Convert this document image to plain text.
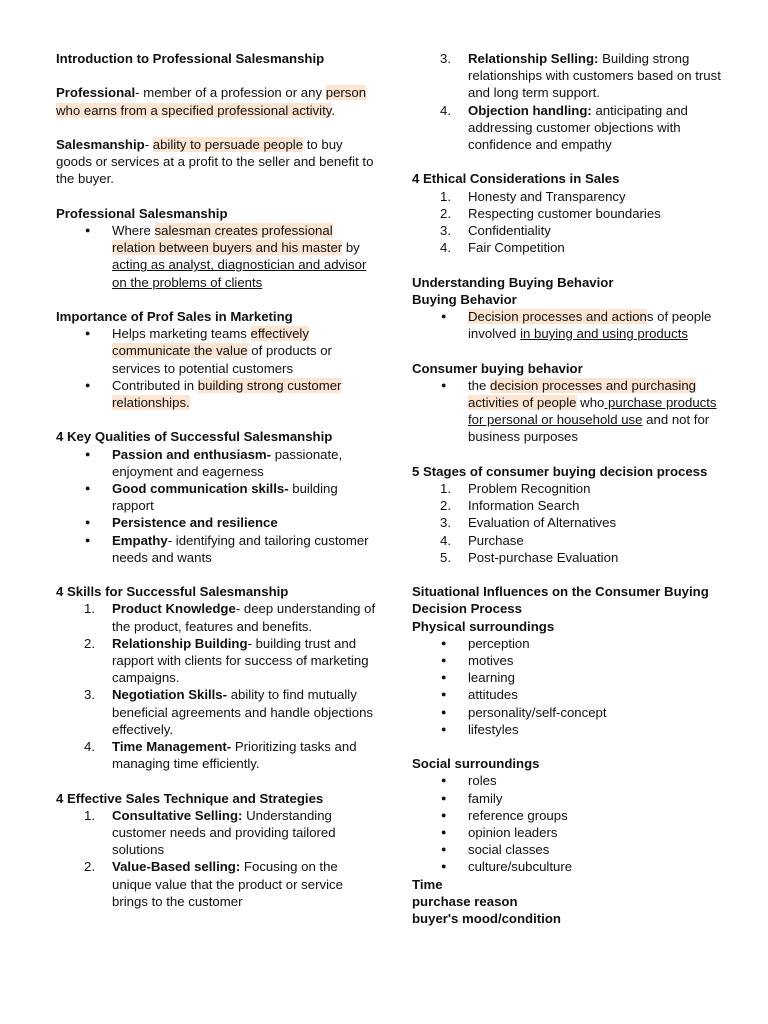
Introduction to Professional Salesmanship

Professional- member of a profession or any person who earns from a specified professional activity.

Salesmanship- ability to persuade people to buy goods or services at a profit to the seller and benefit to the buyer.

Professional Salesmanship

● Where salesman creates professional relation between buyers and his master by acting as analyst, diagnostician and advisor on the problems of clients

Importance of Prof Sales in Marketing

● Helps marketing teams effectively communicate the value of products or services to potential customers
● Contributed in building strong customer relationships.

4 Key Qualities of Successful Salesmanship

● Passion and enthusiasm- passionate, enjoyment and eagerness
● Good communication skills- building rapport
● Persistence and resilience
● Empathy- identifying and tailoring customer needs and wants

4 Skills for Successful Salesmanship

1. Product Knowledge- deep understanding of the product, features and benefits.
2. Relationship Building- building trust and rapport with clients for success of marketing campaigns.
3. Negotiation Skills- ability to find mutually beneficial agreements and handle objections effectively.
4. Time Management- Prioritizing tasks and managing time efficiently.

4 Effective Sales Technique and Strategies

1. Consultative Selling: Understanding customer needs and providing tailored solutions
2. Value-Based selling: Focusing on the unique value that the product or service brings to the customer
3. Relationship Selling: Building strong relationships with customers based on trust and long term support.
4. Objection handling: anticipating and addressing customer objections with confidence and empathy

4 Ethical Considerations in Sales

1. Honesty and Transparency
2. Respecting customer boundaries
3. Confidentiality
4. Fair Competition

Understanding Buying Behavior

Buying Behavior

● Decision processes and actions of people involved in buying and using products

Consumer buying behavior

● the decision processes and purchasing activities of people who purchase products for personal or household use and not for business purposes

5 Stages of consumer buying decision process

1. Problem Recognition
2. Information Search
3. Evaluation of Alternatives
4. Purchase
5. Post-purchase Evaluation

Situational Influences on the Consumer Buying Decision Process

Physical surroundings

● perception
● motives
● learning
● attitudes
● personality/self-concept
● lifestyles

Social surroundings

● roles
● family
● reference groups
● opinion leaders
● social classes
● culture/subculture

Time

purchase reason

buyer's mood/condition
